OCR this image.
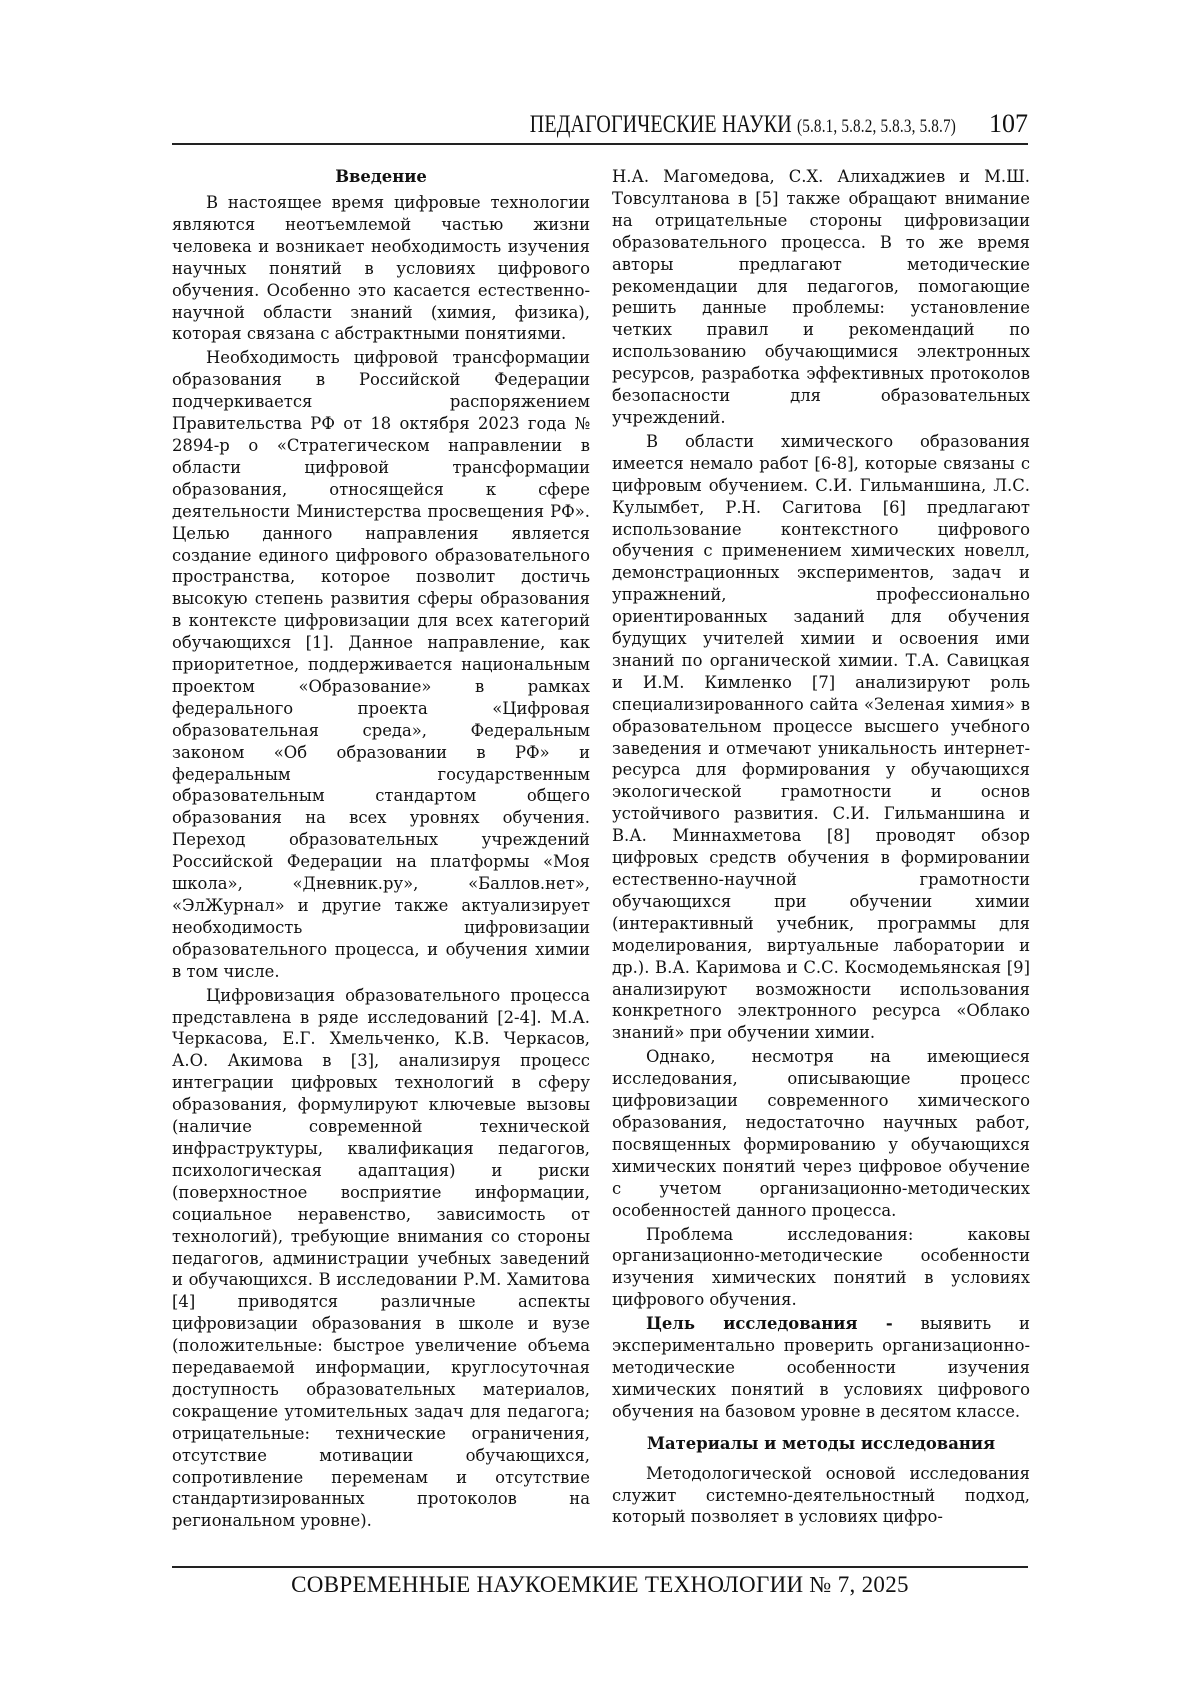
ПЕДАГОГИЧЕСКИЕ НАУКИ (5.8.1, 5.8.2, 5.8.3, 5.8.7) 107
Введение

В настоящее время цифровые технологии являются неотъемлемой частью жизни человека и возникает необходимость изучения научных понятий в условиях цифрового обучения. Особенно это касается естественно-научной области знаний (химия, физика), которая связана с абстрактными понятиями.

Необходимость цифровой трансформации образования в Российской Федерации подчеркивается распоряжением Правительства РФ от 18 октября 2023 года № 2894-р о «Стратегическом направлении в области цифровой трансформации образования, относящейся к сфере деятельности Министерства просвещения РФ». Целью данного направления является создание единого цифрового образовательного пространства, которое позволит достичь высокую степень развития сферы образования в контексте цифровизации для всех категорий обучающихся [1]. Данное направление, как приоритетное, поддерживается национальным проектом «Образование» в рамках федерального проекта «Цифровая образовательная среда», Федеральным законом «Об образовании в РФ» и федеральным государственным образовательным стандартом общего образования на всех уровнях обучения. Переход образовательных учреждений Российской Федерации на платформы «Моя школа», «Дневник.ру», «Баллов.нет», «ЭлЖурнал» и другие также актуализирует необходимость цифровизации образовательного процесса, и обучения химии в том числе.

Цифровизация образовательного процесса представлена в ряде исследований [2-4]. М.А. Черкасова, Е.Г. Хмельченко, К.В. Черкасов, А.О. Акимова в [3], анализируя процесс интеграции цифровых технологий в сферу образования, формулируют ключевые вызовы (наличие современной технической инфраструктуры, квалификация педагогов, психологическая адаптация) и риски (поверхностное восприятие информации, социальное неравенство, зависимость от технологий), требующие внимания со стороны педагогов, администрации учебных заведений и обучающихся. В исследовании Р.М. Хамитова [4] приводятся различные аспекты цифровизации образования в школе и вузе (положительные: быстрое увеличение объема передаваемой информации, круглосуточная доступность образовательных материалов, сокращение утомительных задач для педагога; отрицательные: технические ограничения, отсутствие мотивации обучающихся, сопротивление переменам и отсутствие стандартизированных протоколов на региональном уровне).

Н.А. Магомедова, С.Х. Алихаджиев и М.Ш. Товсултанова в [5] также обращают внимание на отрицательные стороны цифровизации образовательного процесса. В то же время авторы предлагают методические рекомендации для педагогов, помогающие решить данные проблемы: установление четких правил и рекомендаций по использованию обучающимися электронных ресурсов, разработка эффективных протоколов безопасности для образовательных учреждений.

В области химического образования имеется немало работ [6-8], которые связаны с цифровым обучением. С.И. Гильманшина, Л.С. Кулымбет, Р.Н. Сагитова [6] предлагают использование контекстного цифрового обучения с применением химических новелл, демонстрационных экспериментов, задач и упражнений, профессионально ориентированных заданий для обучения будущих учителей химии и освоения ими знаний по органической химии. Т.А. Савицкая и И.М. Кимленко [7] анализируют роль специализированного сайта «Зеленая химия» в образовательном процессе высшего учебного заведения и отмечают уникальность интернет-ресурса для формирования у обучающихся экологической грамотности и основ устойчивого развития. С.И. Гильманшина и В.А. Миннахметова [8] проводят обзор цифровых средств обучения в формировании естественно-научной грамотности обучающихся при обучении химии (интерактивный учебник, программы для моделирования, виртуальные лаборатории и др.). В.А. Каримова и С.С. Космодемьянская [9] анализируют возможности использования конкретного электронного ресурса «Облако знаний» при обучении химии.

Однако, несмотря на имеющиеся исследования, описывающие процесс цифровизации современного химического образования, недостаточно научных работ, посвященных формированию у обучающихся химических понятий через цифровое обучение с учетом организационно-методических особенностей данного процесса.

Проблема исследования: каковы организационно-методические особенности изучения химических понятий в условиях цифрового обучения.

Цель исследования - выявить и экспериментально проверить организационно-методические особенности изучения химических понятий в условиях цифрового обучения на базовом уровне в десятом классе.

Материалы и методы исследования

Методологической основой исследования служит системно-деятельностный подход, который позволяет в условиях цифро-

СОВРЕМЕННЫЕ НАУКОЕМКИЕ ТЕХНОЛОГИИ № 7, 2025
